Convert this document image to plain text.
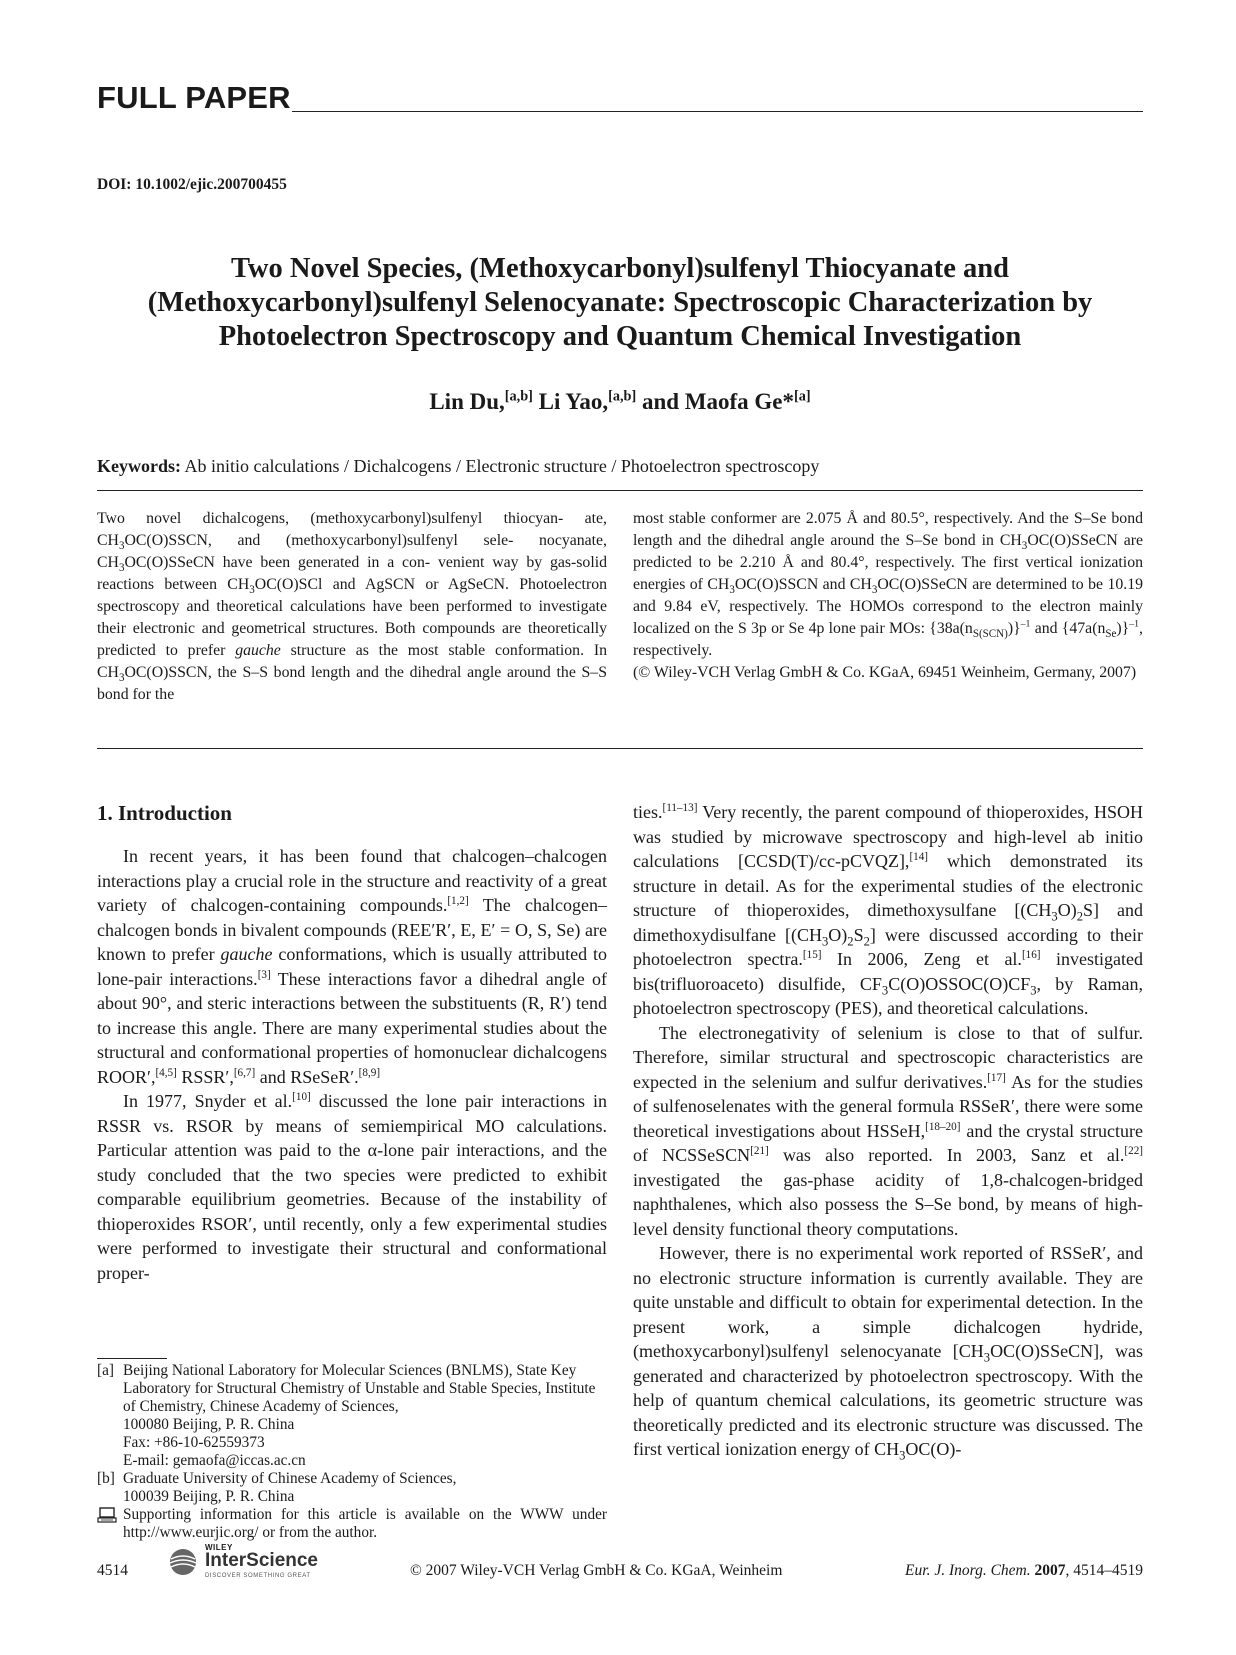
FULL PAPER
DOI: 10.1002/ejic.200700455
Two Novel Species, (Methoxycarbonyl)sulfenyl Thiocyanate and
(Methoxycarbonyl)sulfenyl Selenocyanate: Spectroscopic Characterization by
Photoelectron Spectroscopy and Quantum Chemical Investigation
Lin Du,[a,b] Li Yao,[a,b] and Maofa Ge*[a]
Keywords: Ab initio calculations / Dichalcogens / Electronic structure / Photoelectron spectroscopy
Two novel dichalcogens, (methoxycarbonyl)sulfenyl thiocyan- ate, $CH_3OC(O)SSCN$, and (methoxycarbonyl)sulfenyl sele- nocyanate, $CH_3OC(O)SSeCN$ have been generated in a con- venient way by gas-solid reactions between $CH_3OC(O)SCl$ and AgSCN or AgSeCN. Photoelectron spectroscopy and theoretical calculations have been performed to investigate their electronic and geometrical structures. Both compounds are theoretically predicted to prefer gauche structure as the most stable conformation. In $CH_3OC(O)SSCN$, the S–S bond length and the dihedral angle around the S–S bond for the
most stable conformer are 2.075 Å and 80.5°, respectively. And the S–Se bond length and the dihedral angle around the S–Se bond in $CH_3OC(O)SSeCN$ are predicted to be 2.210 Å and 80.4°, respectively. The first vertical ionization energies of $CH_3OC(O)SSCN$ and $CH_3OC(O)SSeCN$ are determined to be 10.19 and 9.84 eV, respectively. The HOMOs correspond to the electron mainly localized on the S 3p or Se 4p lone pair MOs: $\{38a(n_{S(SCN)})\}^{-1}$ and $\{47a(n_{Se})\}^{-1}$, respectively.
(© Wiley-VCH Verlag GmbH & Co. KGaA, 69451 Weinheim, Germany, 2007)
1. Introduction

In recent years, it has been found that chalcogen–chalcogen interactions play a crucial role in the structure and reactivity of a great variety of chalcogen-containing compounds.[1,2] The chalcogen–chalcogen bonds in bivalent compounds (REE′R′, E, E′ = O, S, Se) are known to prefer gauche conformations, which is usually attributed to lone-pair interactions.[3] These interactions favor a dihedral angle of about 90°, and steric interactions between the substituents (R, R′) tend to increase this angle. There are many experimental studies about the structural and conformational properties of homonuclear dichalcogens ROOR′,[4,5] RSSR′,[6,7] and RSeSeR′.[8,9]

In 1977, Snyder et al.[10] discussed the lone pair interactions in RSSR vs. RSOR by means of semiempirical MO calculations. Particular attention was paid to the α-lone pair interactions, and the study concluded that the two species were predicted to exhibit comparable equilibrium geometries. Because of the instability of thioperoxides RSOR′, until recently, only a few experimental studies were performed to investigate their structural and conformational proper-

ties.[11–13] Very recently, the parent compound of thioperoxides, HSOH was studied by microwave spectroscopy and high-level ab initio calculations [CCSD(T)/cc-pCVQZ],[14] which demonstrated its structure in detail. As for the experimental studies of the electronic structure of thioperoxides, dimethoxysulfane $[(CH_3O)_2S]$ and dimethoxydisulfane $[(CH_3O)_2S_2]$ were discussed according to their photoelectron spectra.[15] In 2006, Zeng et al.[16] investigated bis(trifluoroaceto) disulfide, $CF_3C(O)OSSOC(O)CF_3$, by Raman, photoelectron spectroscopy (PES), and theoretical calculations.

The electronegativity of selenium is close to that of sulfur. Therefore, similar structural and spectroscopic characteristics are expected in the selenium and sulfur derivatives.[17] As for the studies of sulfenoselenates with the general formula RSSeR′, there were some theoretical investigations about HSSeH,[18–20] and the crystal structure of NCSSeSCN[21] was also reported. In 2003, Sanz et al.[22] investigated the gas-phase acidity of 1,8-chalcogen-bridged naphthalenes, which also possess the S–Se bond, by means of high-level density functional theory computations.

However, there is no experimental work reported of RSSeR′, and no electronic structure information is currently available. They are quite unstable and difficult to obtain for experimental detection. In the present work, a simple dichalcogen hydride, (methoxycarbonyl)sulfenyl selenocyanate $[CH_3OC(O)SSeCN]$, was generated and characterized by photoelectron spectroscopy. With the help of quantum chemical calculations, its geometric structure was theoretically predicted and its electronic structure was discussed. The first vertical ionization energy of $CH_3OC(O)-$

[a] Beijing National Laboratory for Molecular Sciences (BNLMS), State Key Laboratory for Structural Chemistry of Unstable and Stable Species, Institute of Chemistry, Chinese Academy of Sciences,
100080 Beijing, P. R. China
Fax: +86-10-62559373
E-mail: gemaofa@iccas.ac.cn
[b] Graduate University of Chinese Academy of Sciences,
100039 Beijing, P. R. China
Supporting information for this article is available on the WWW under http://www.eurjic.org/ or from the author.
4514
WILEY
InterScience
DISCOVER SOMETHING GREAT	© 2007 Wiley-VCH Verlag GmbH & Co. KGaA, Weinheim	Eur. J. Inorg. Chem. 2007, 4514–4519
